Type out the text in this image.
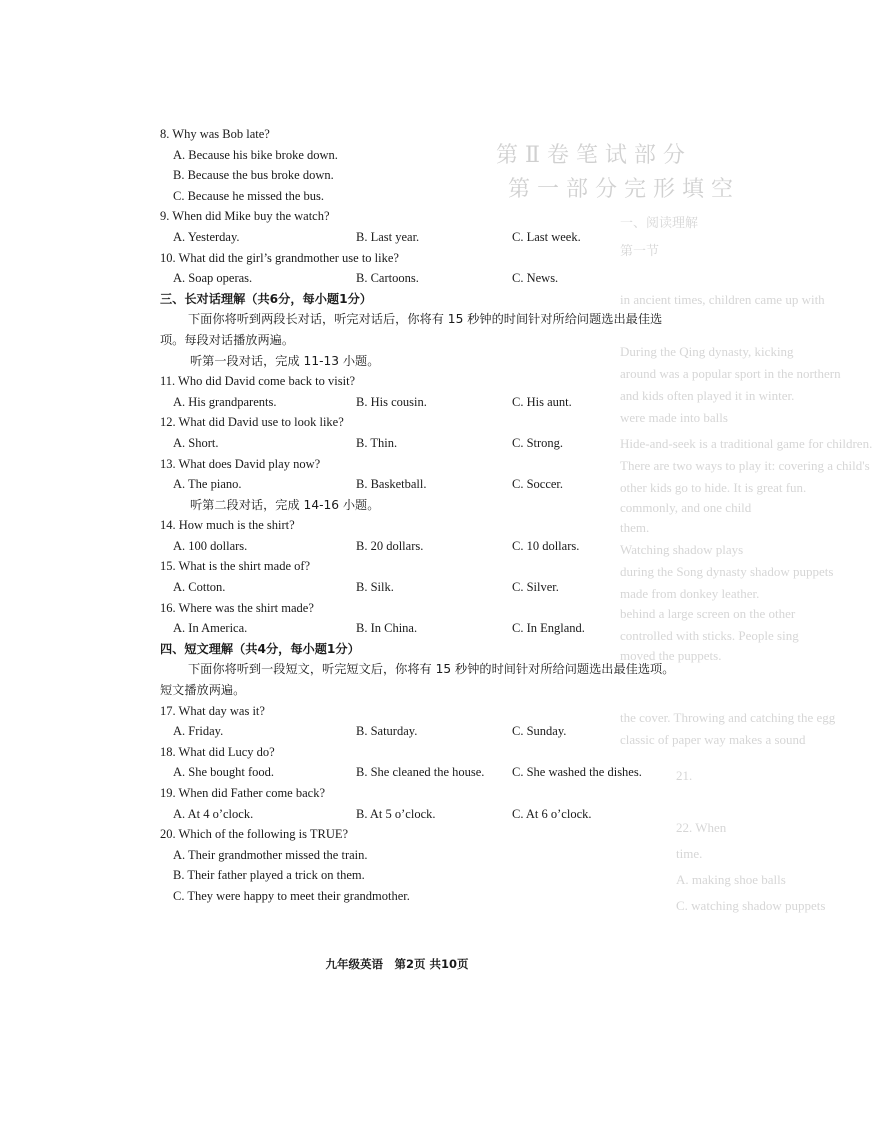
第 Ⅱ 卷 笔 试 部 分
第 一 部 分 完 形 填 空
一、阅读理解
第一节
in ancient times, children came up with
During the Qing dynasty, kicking
around was a popular sport in the northern
and kids often played it in winter.
were made into balls
Hide-and-seek is a traditional game for children.
There are two ways to play it: covering a child's
other kids go to hide. It is great fun.
commonly, and one child
them.
Watching shadow plays
during the Song dynasty shadow puppets
made from donkey leather.
behind a large screen on the other
controlled with sticks. People sing
moved the puppets.
the cover. Throwing and catching the egg
classic of paper way makes a sound
21.
22. When
time.
A. making shoe balls
C. watching shadow puppets

8. Why was Bob late?

A. Because his bike broke down.
B. Because the bus broke down.
C. Because he missed the bus.

9. When did Mike buy the watch?

A. Yesterday.	B. Last year.	C. Last week.

10. What did the girl’s grandmother use to like?

A. Soap operas.	B. Cartoons.	C. News.

三、长对话理解（共6分，每小题1分）

下面你将听到两段长对话，听完对话后，你将有 15 秒钟的时间针对所给问题选出最佳选项。每段对话播放两遍。

听第一段对话，完成 11-13 小题。

11. Who did David come back to visit?

A. His grandparents.	B. His cousin.	C. His aunt.

12. What did David use to look like?

A. Short.	B. Thin.	C. Strong.

13. What does David play now?

A. The piano.	B. Basketball.	C. Soccer.

听第二段对话，完成 14-16 小题。

14. How much is the shirt?

A. 100 dollars.	B. 20 dollars.	C. 10 dollars.

15. What is the shirt made of?

A. Cotton.	B. Silk.	C. Silver.

16. Where was the shirt made?

A. In America.	B. In China.	C. In England.

四、短文理解（共4分，每小题1分）

下面你将听到一段短文，听完短文后，你将有 15 秒钟的时间针对所给问题选出最佳选项。短文播放两遍。

17. What day was it?

A. Friday.	B. Saturday.	C. Sunday.

18. What did Lucy do?

A. She bought food.	B. She cleaned the house.	C. She washed the dishes.

19. When did Father come back?

A. At 4 o’clock.	B. At 5 o’clock.	C. At 6 o’clock.

20. Which of the following is TRUE?

A. Their grandmother missed the train.
B. Their father played a trick on them.
C. They were happy to meet their grandmother.
九年级英语　第2页 共10页
